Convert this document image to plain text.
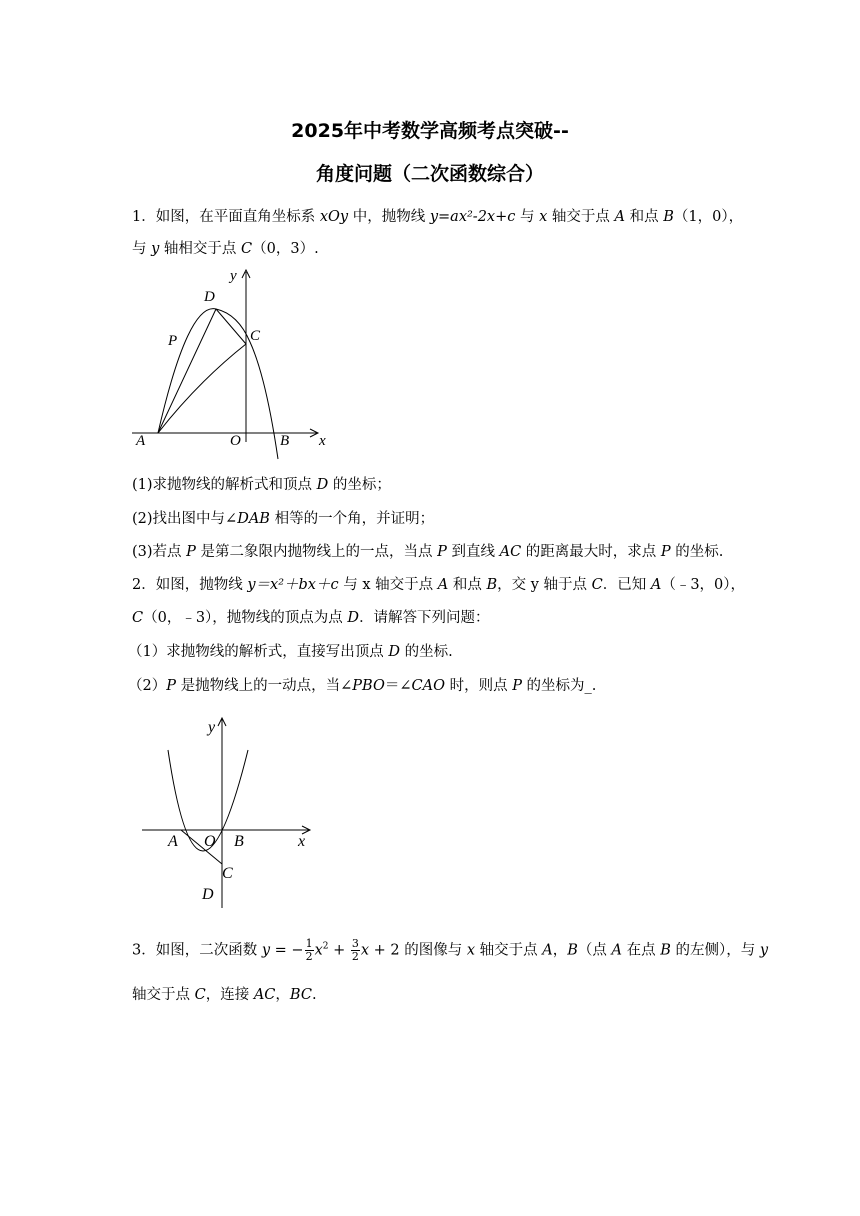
2025年中考数学高频考点突破--
角度问题（二次函数综合）
1．如图，在平面直角坐标系 xOy 中，抛物线 y=ax²-2x+c 与 x 轴交于点 A 和点 B（1，0），
与 y 轴相交于点 C（0，3）.
y
x
D
P	C
A	O	B
(1)求抛物线的解析式和顶点 D 的坐标；
(2)找出图中与∠DAB 相等的一个角，并证明；
(3)若点 P 是第二象限内抛物线上的一点，当点 P 到直线 AC 的距离最大时，求点 P 的坐标.
2．如图，抛物线 y＝x²＋bx＋c 与 x 轴交于点 A 和点 B，交 y 轴于点 C．已知 A（﹣3，0），
C（0，﹣3），抛物线的顶点为点 D．请解答下列问题：
（1）求抛物线的解析式，直接写出顶点 D 的坐标.
（2）P 是抛物线上的一动点，当∠PBO＝∠CAO 时，则点 P 的坐标为_.
y
x
A O B
C
D
3．如图，二次函数 y = − $\frac{1}{2} x^2 + \frac{3}{2}$ x + 2 的图像与 x 轴交于点 A，B（点 A 在点 B 的左侧），与 y
轴交于点 C，连接 AC，BC.
